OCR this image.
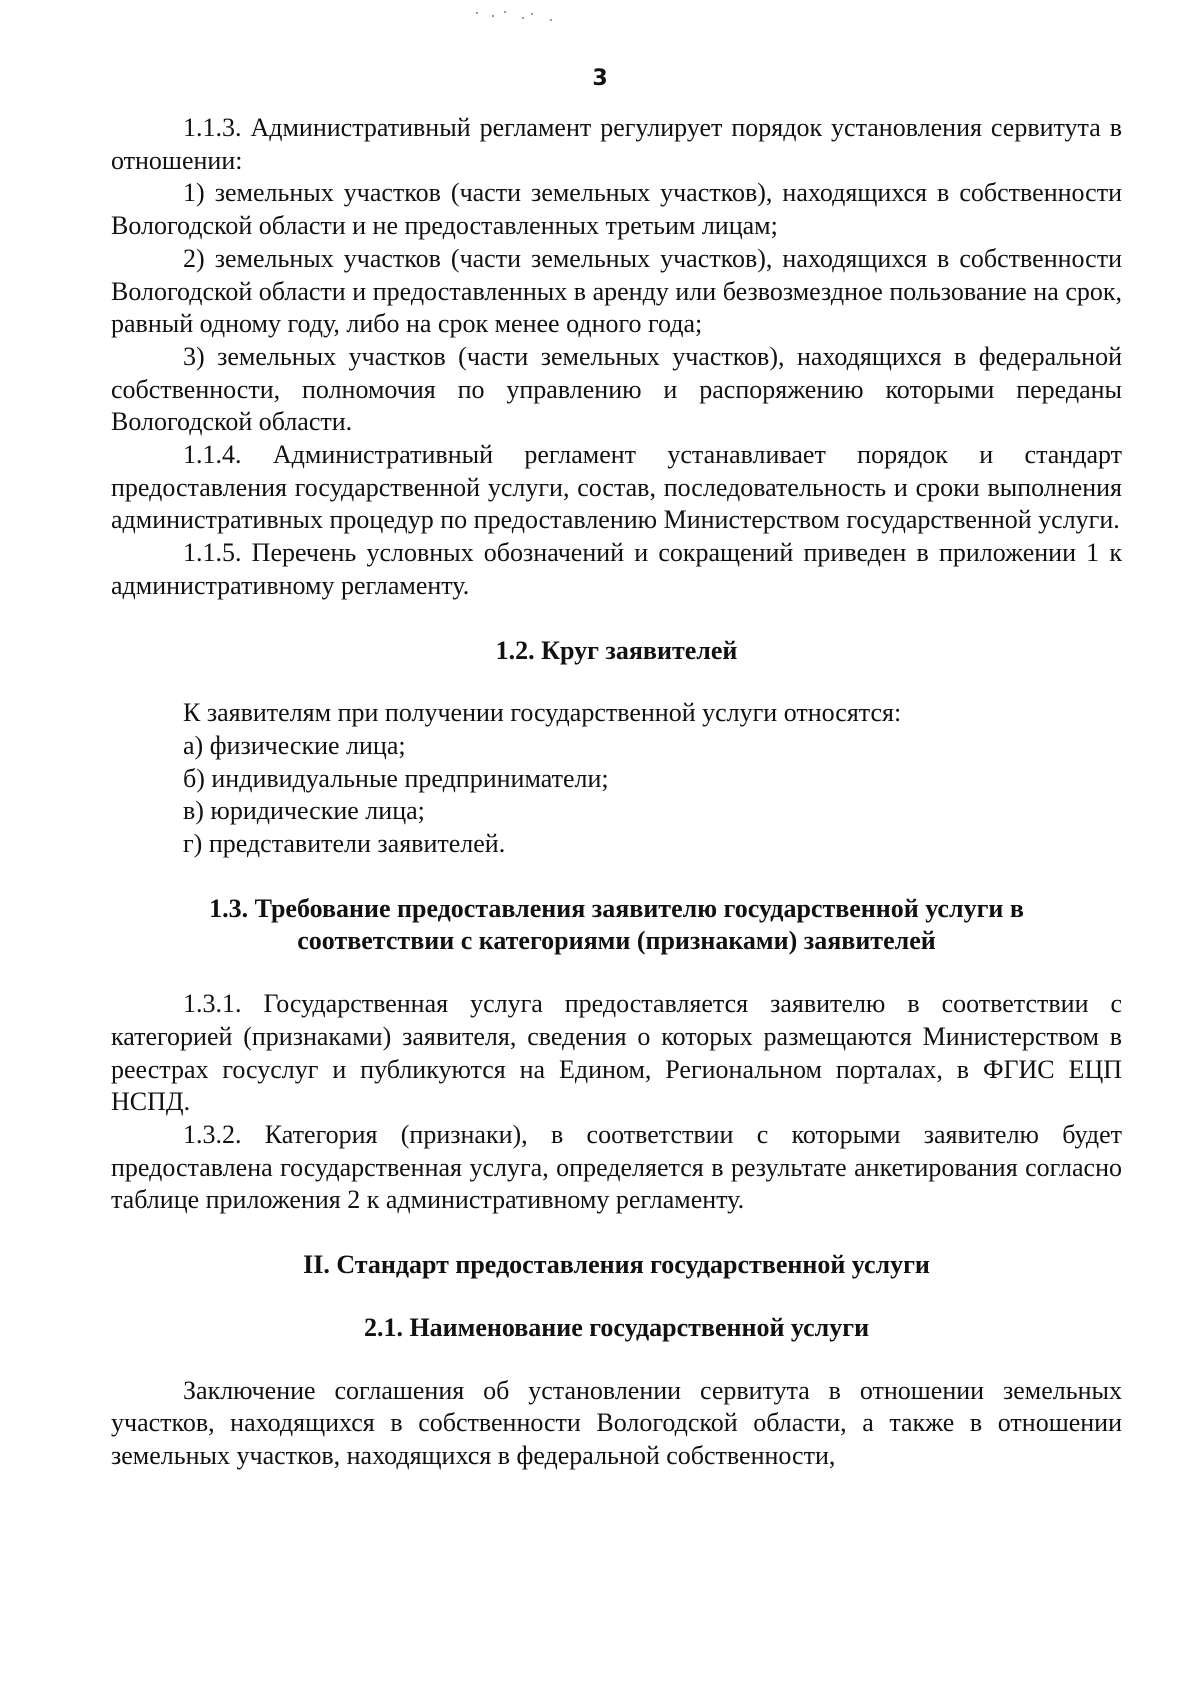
3

1.1.3. Административный регламент регулирует порядок установления сервитута в отношении:

1) земельных участков (части земельных участков), находящихся в собственности Вологодской области и не предоставленных третьим лицам;

2) земельных участков (части земельных участков), находящихся в собственности Вологодской области и предоставленных в аренду или безвозмездное пользование на срок, равный одному году, либо на срок менее одного года;

3) земельных участков (части земельных участков), находящихся в федеральной собственности, полномочия по управлению и распоряжению которыми переданы Вологодской области.

1.1.4. Административный регламент устанавливает порядок и стандарт предоставления государственной услуги, состав, последовательность и сроки выполнения административных процедур по предоставлению Министерством государственной услуги.

1.1.5. Перечень условных обозначений и сокращений приведен в приложении 1 к административному регламенту.

1.2. Круг заявителей

К заявителям при получении государственной услуги относятся:

а) физические лица;

б) индивидуальные предприниматели;

в) юридические лица;

г) представители заявителей.

1.3. Требование предоставления заявителю государственной услуги в соответствии с категориями (признаками) заявителей

1.3.1. Государственная услуга предоставляется заявителю в соответствии с категорией (признаками) заявителя, сведения о которых размещаются Министерством в реестрах госуслуг и публикуются на Едином, Региональном порталах, в ФГИС ЕЦП НСПД.

1.3.2. Категория (признаки), в соответствии с которыми заявителю будет предоставлена государственная услуга, определяется в результате анкетирования согласно таблице приложения 2 к административному регламенту.

II. Стандарт предоставления государственной услуги

2.1. Наименование государственной услуги

Заключение соглашения об установлении сервитута в отношении земельных участков, находящихся в собственности Вологодской области, а также в отношении земельных участков, находящихся в федеральной собственности,
